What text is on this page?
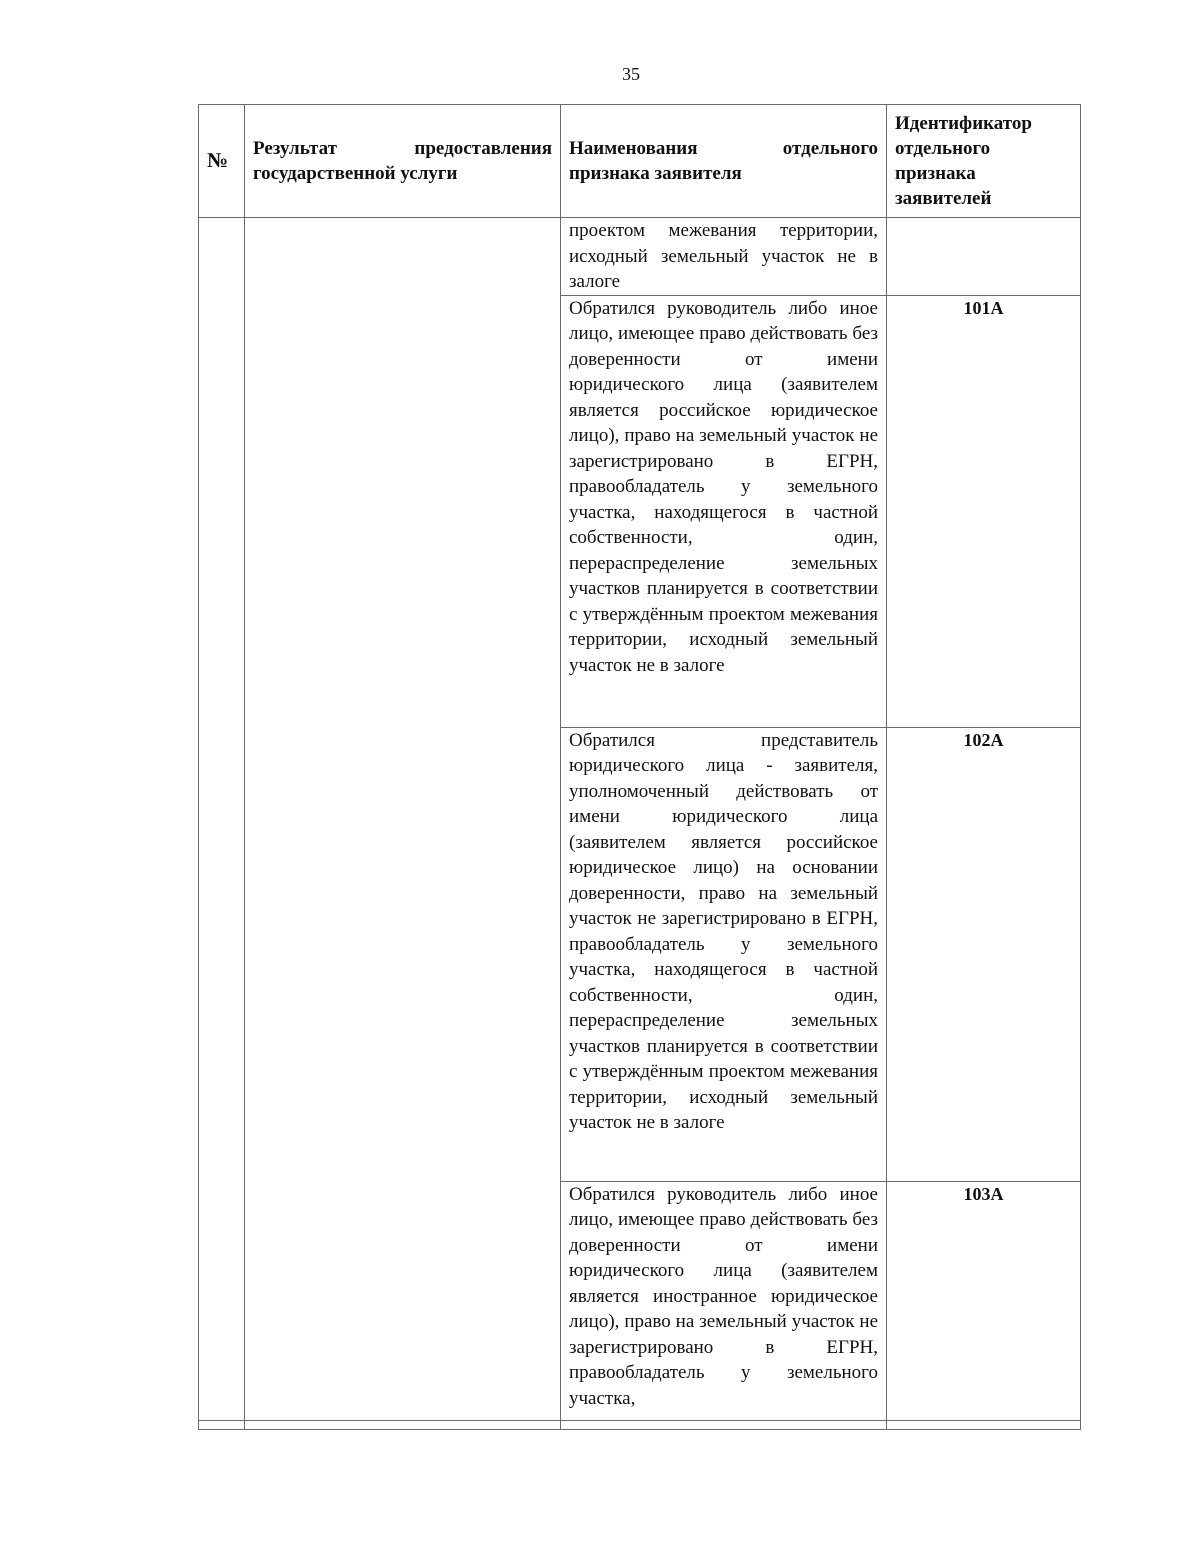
35
№	Результат предоставления государственной услуги	Наименования отдельного признака заявителя	Идентификатор отдельного признака заявителей
		проектом межевания территории, исходный земельный участок не в залоге	
		Обратился руководитель либо иное лицо, имеющее право действовать без доверенности от имени юридического лица (заявителем является российское юридическое лицо), право на земельный участок не зарегистрировано в ЕГРН, правообладатель у земельного участка, находящегося в частной собственности, один, перераспределение земельных участков планируется в соответствии с утверждённым проектом межевания территории, исходный земельный участок не в залоге	101А
		Обратился представитель юридического лица - заявителя, уполномоченный действовать от имени юридического лица (заявителем является российское юридическое лицо) на основании доверенности, право на земельный участок не зарегистрировано в ЕГРН, правообладатель у земельного участка, находящегося в частной собственности, один, перераспределение земельных участков планируется в соответствии с утверждённым проектом межевания территории, исходный земельный участок не в залоге	102А
		Обратился руководитель либо иное лицо, имеющее право действовать без доверенности от имени юридического лица (заявителем является иностранное юридическое лицо), право на земельный участок не зарегистрировано в ЕГРН, правообладатель у земельного участка,	103А
